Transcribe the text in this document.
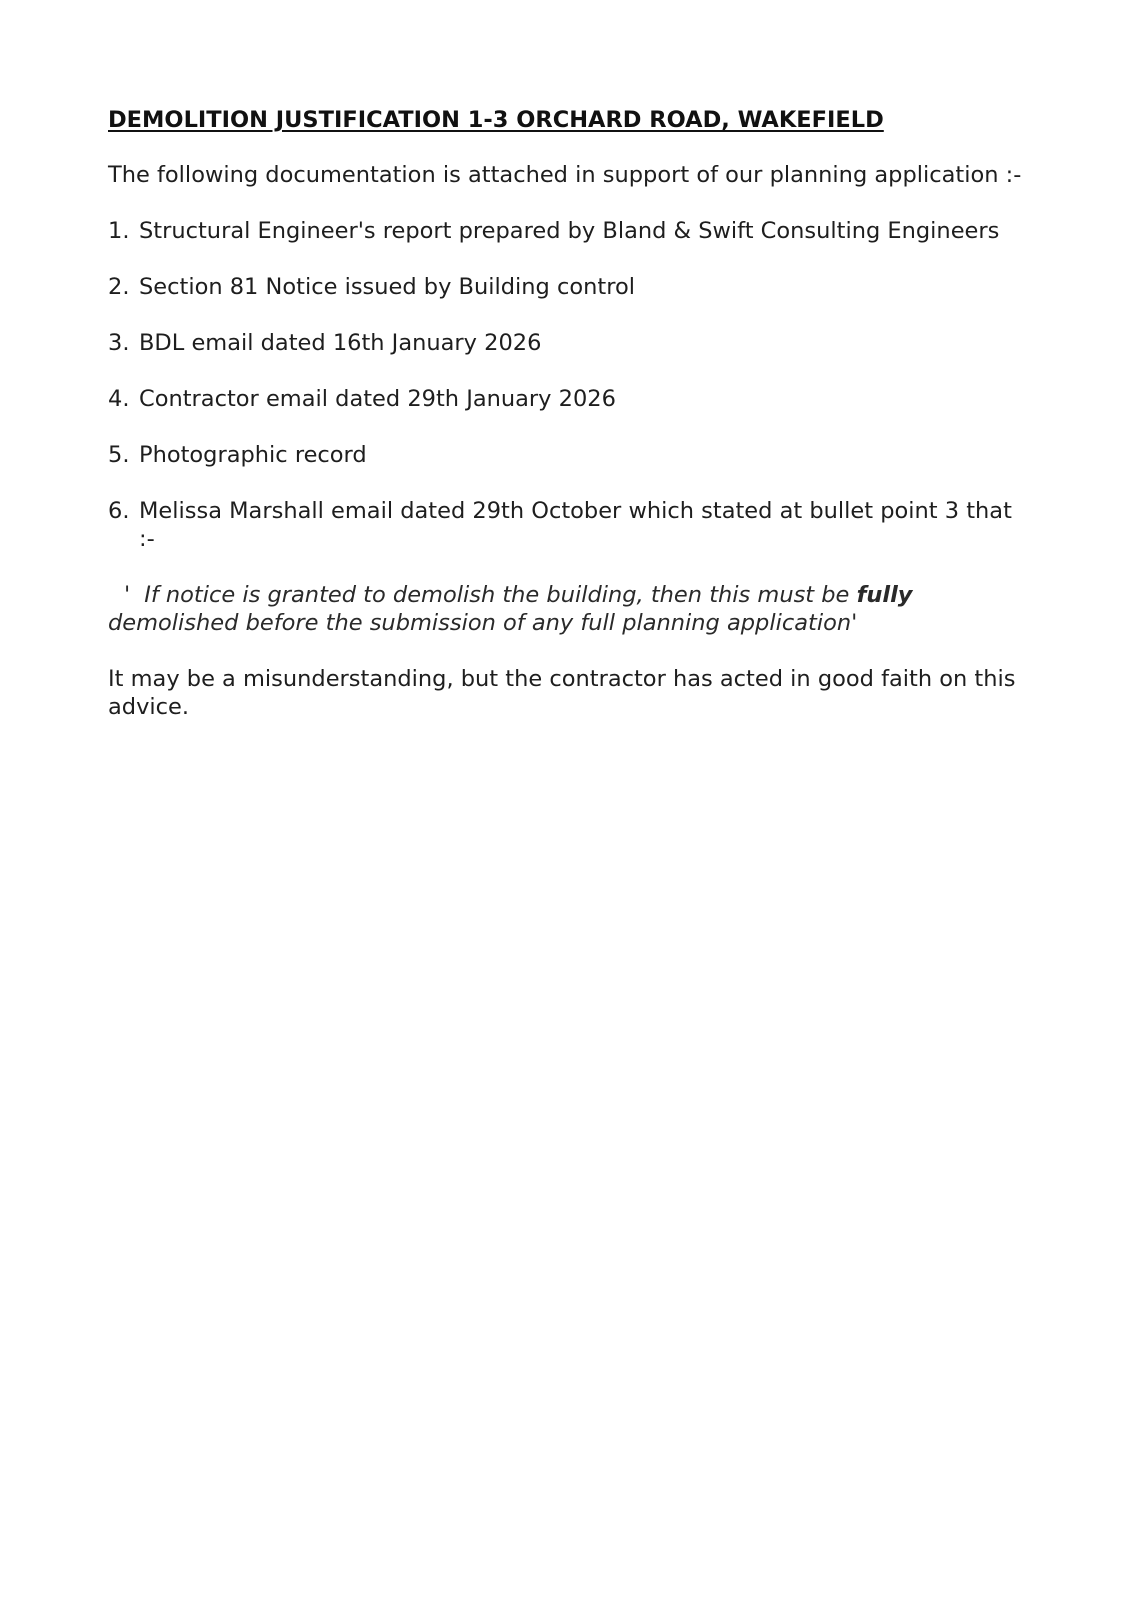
DEMOLITION JUSTIFICATION 1-3 ORCHARD ROAD, WAKEFIELD
The following documentation is attached in support of our planning application :-
1. Structural Engineer's report prepared by Bland & Swift Consulting Engineers
2. Section 81 Notice issued by Building control
3. BDL email dated 16th January 2026
4. Contractor email dated 29th January 2026
5. Photographic record
6. Melissa Marshall email dated 29th October which stated at bullet point 3 that :-
' If notice is granted to demolish the building, then this must be fully demolished before the submission of any full planning application'
It may be a misunderstanding, but the contractor has acted in good faith on this advice.
